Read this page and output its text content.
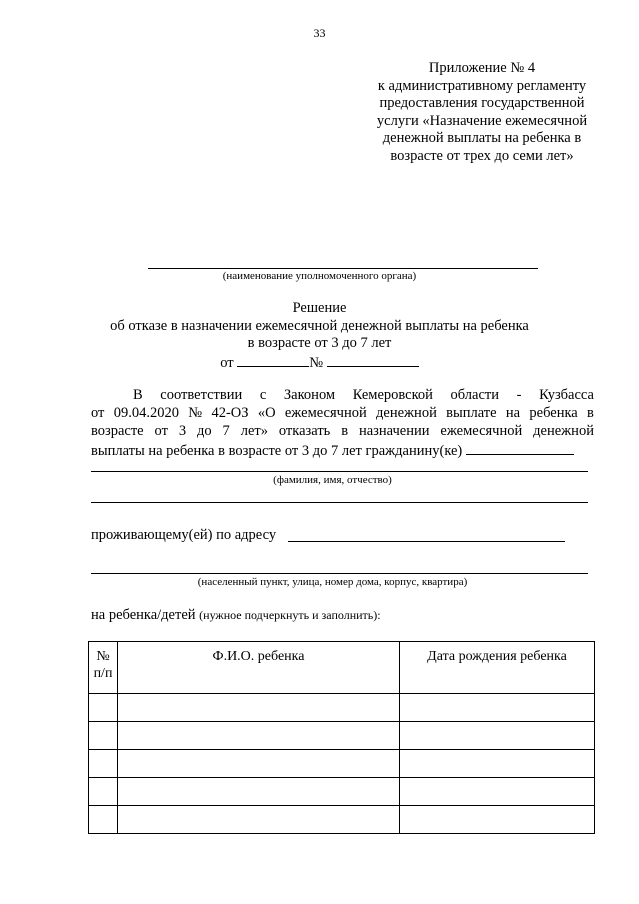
33
Приложение № 4
к административному регламенту
предоставления государственной
услуги «Назначение ежемесячной
денежной выплаты на ребенка в
возрасте от трех до семи лет»
(наименование уполномоченного органа)
Решение
об отказе в назначении ежемесячной денежной выплаты на ребенка
в возрасте от 3 до 7 лет
от	№
В соответствии с Законом Кемеровской области - Кузбасса
от 09.04.2020 № 42-ОЗ «О ежемесячной денежной выплате на ребенка в
возрасте от 3 до 7 лет» отказать в назначении ежемесячной денежной
выплаты на ребенка в возрасте от 3 до 7 лет гражданину(ке)
(фамилия, имя, отчество)
проживающему(ей) по адресу
(населенный пункт, улица, номер дома, корпус, квартира)
на ребенка/детей (нужное подчеркнуть и заполнить):
№
п/п	Ф.И.О. ребенка	Дата рождения ребенка
